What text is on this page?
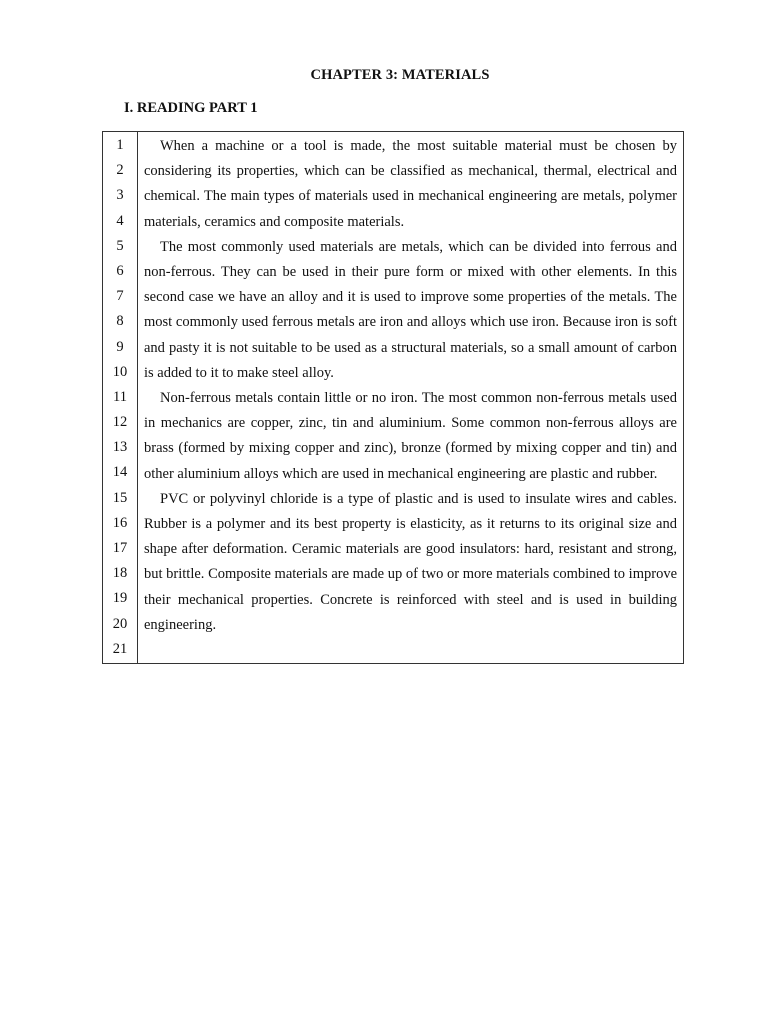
CHAPTER 3: MATERIALS
I. READING PART 1
1
2
3
4
5
6
7
8
9
10
11
12
13
14
15
16
17
18
19
20
21

When a machine or a tool is made, the most suitable material must be chosen by considering its properties, which can be classified as mechanical, thermal, electrical and chemical. The main types of materials used in mechanical engineering are metals, polymer materials, ceramics and composite materials.

The most commonly used materials are metals, which can be divided into ferrous and non-ferrous. They can be used in their pure form or mixed with other elements. In this second case we have an alloy and it is used to improve some properties of the metals. The most commonly used ferrous metals are iron and alloys which use iron. Because iron is soft and pasty it is not suitable to be used as a structural materials, so a small amount of carbon is added to it to make steel alloy.

Non-ferrous metals contain little or no iron. The most common non-ferrous metals used in mechanics are copper, zinc, tin and aluminium. Some common non-ferrous alloys are brass (formed by mixing copper and zinc), bronze (formed by mixing copper and tin) and other aluminium alloys which are used in mechanical engineering are plastic and rubber.

PVC or polyvinyl chloride is a type of plastic and is used to insulate wires and cables. Rubber is a polymer and its best property is elasticity, as it returns to its original size and shape after deformation. Ceramic materials are good insulators: hard, resistant and strong, but brittle. Composite materials are made up of two or more materials combined to improve their mechanical properties. Concrete is reinforced with steel and is used in building engineering.
